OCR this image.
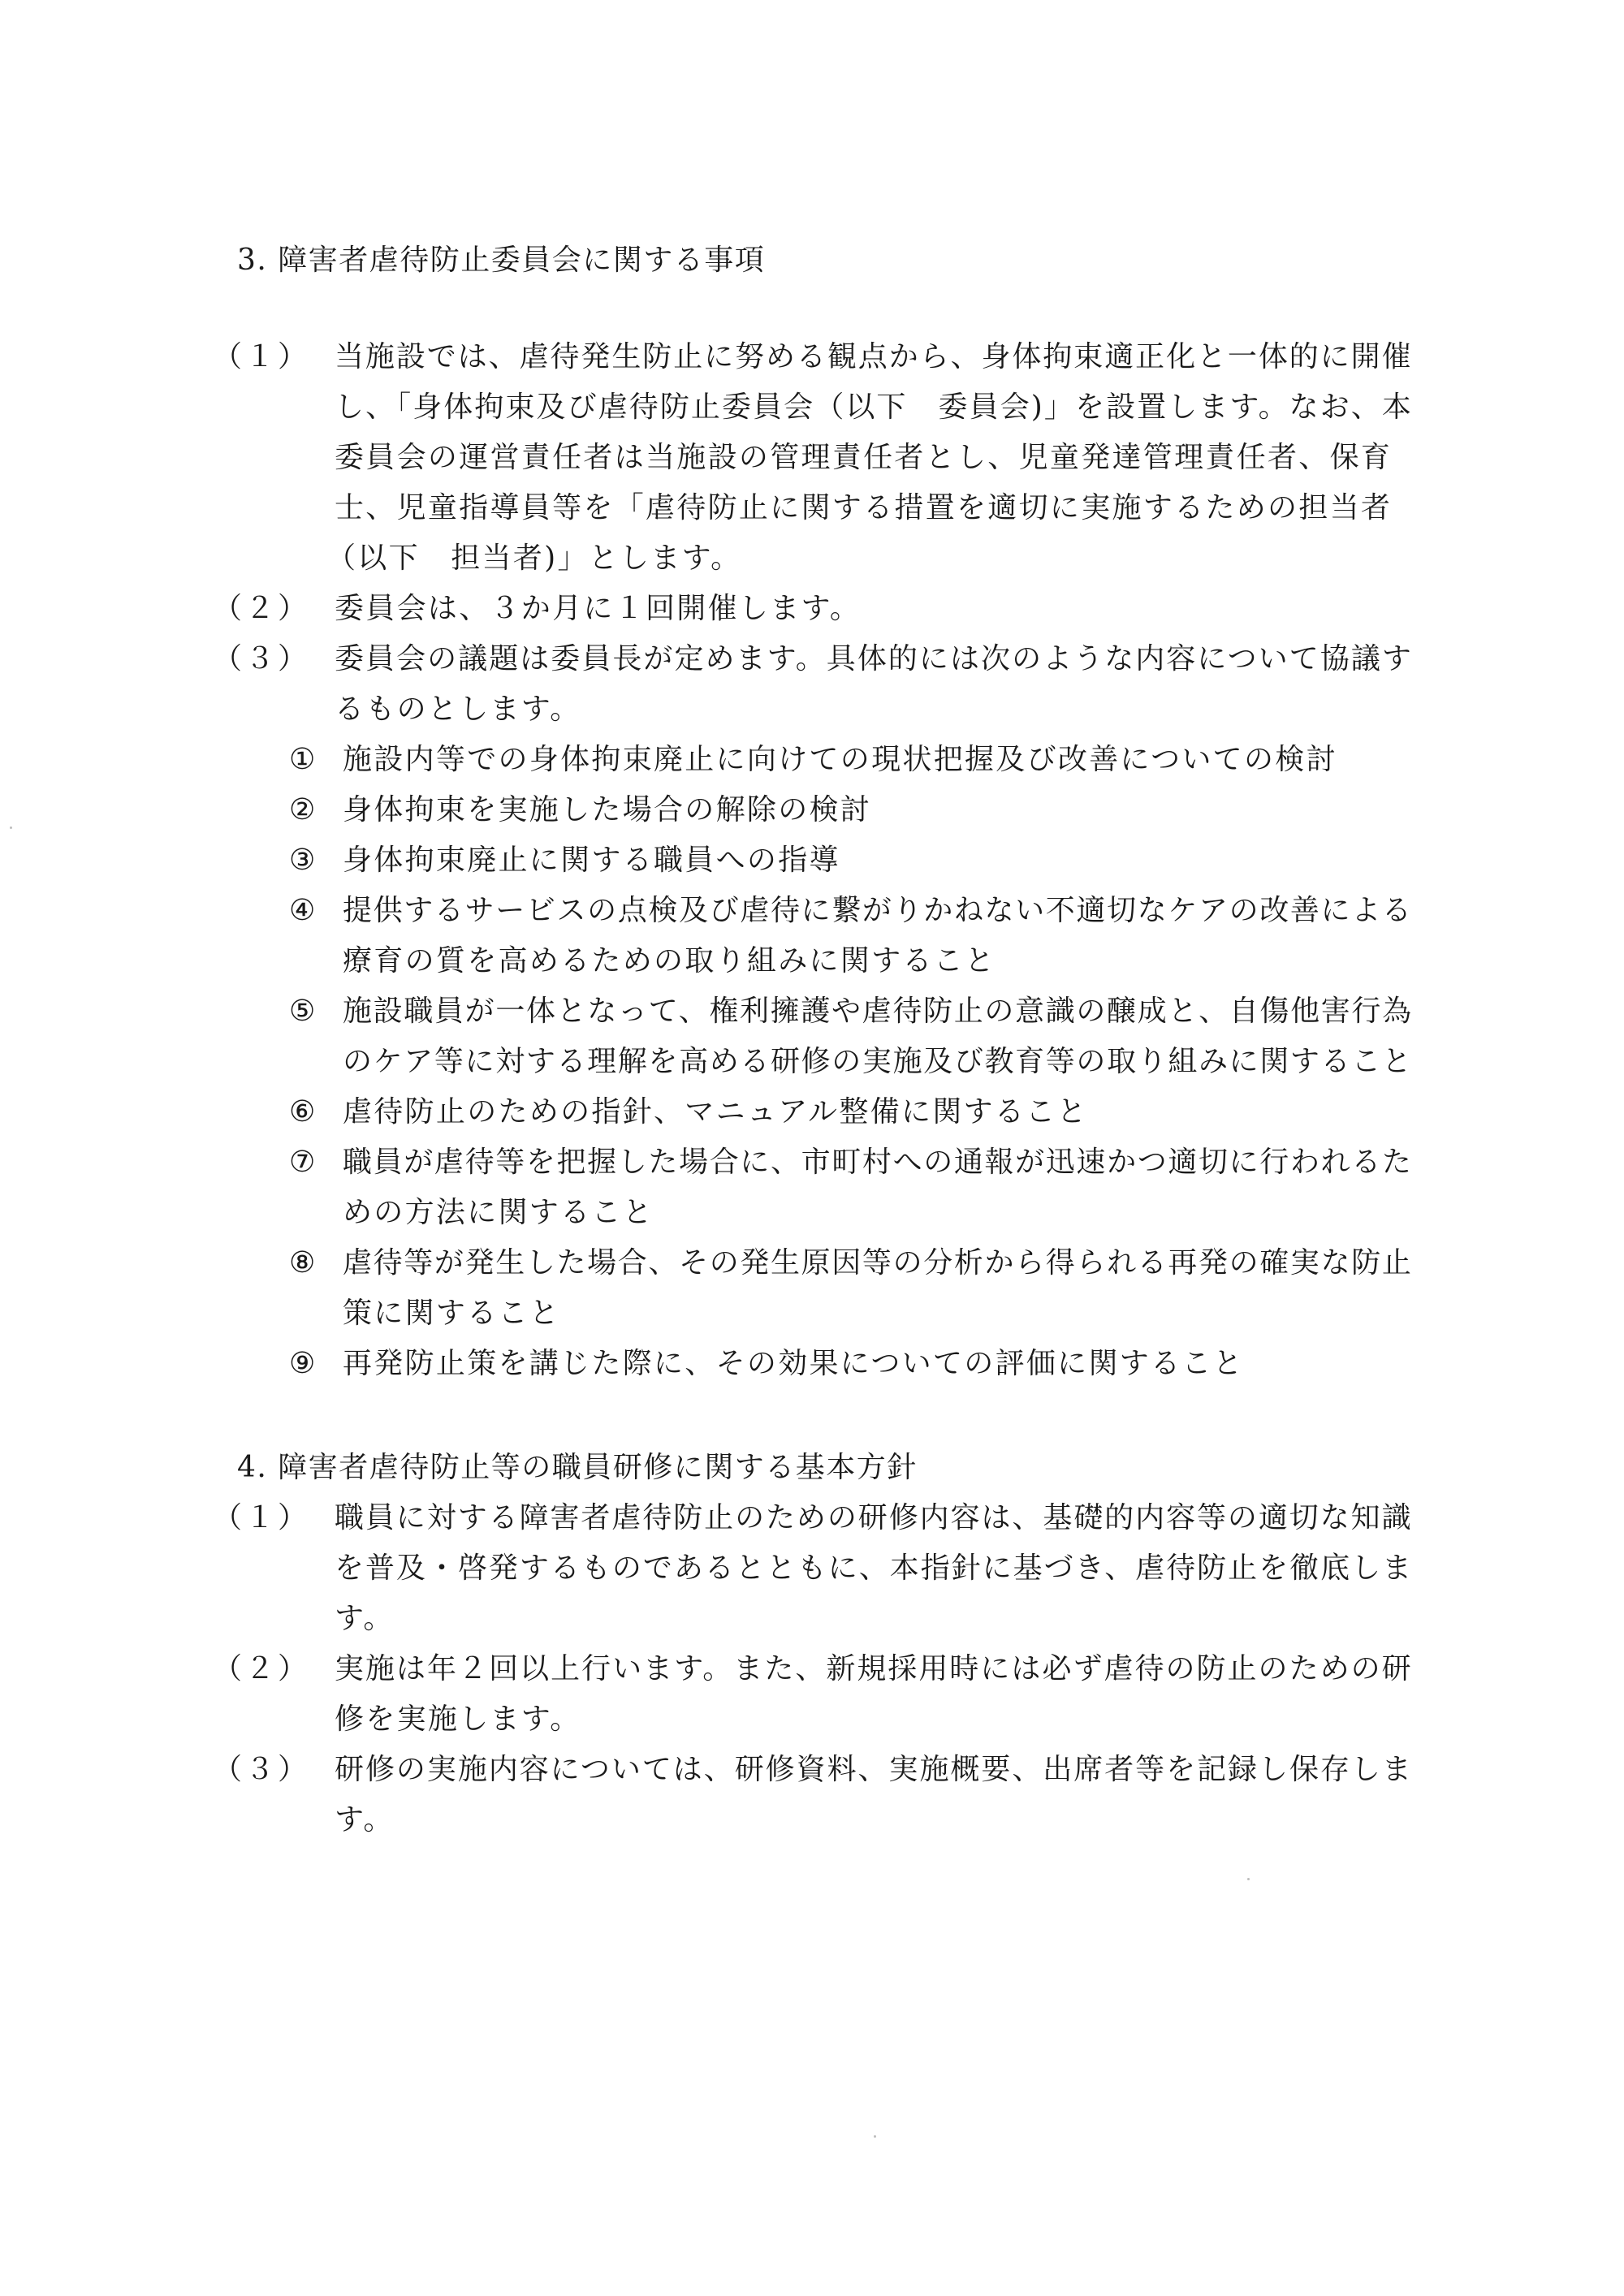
3. 障害者虐待防止委員会に関する事項
（１） 当施設では、虐待発生防止に努める観点から、身体拘束適正化と一体的に開催
し、「身体拘束及び虐待防止委員会（以下　委員会)」を設置します。なお、本
委員会の運営責任者は当施設の管理責任者とし、児童発達管理責任者、保育
士、児童指導員等を「虐待防止に関する措置を適切に実施するための担当者
（以下　担当者)」とします。
（２） 委員会は、３か月に１回開催します。
（３） 委員会の議題は委員長が定めます。具体的には次のような内容について協議す
るものとします。
① 施設内等での身体拘束廃止に向けての現状把握及び改善についての検討
② 身体拘束を実施した場合の解除の検討
③ 身体拘束廃止に関する職員への指導
④ 提供するサービスの点検及び虐待に繋がりかねない不適切なケアの改善による
療育の質を高めるための取り組みに関すること
⑤ 施設職員が一体となって、権利擁護や虐待防止の意識の醸成と、自傷他害行為
のケア等に対する理解を高める研修の実施及び教育等の取り組みに関すること
⑥ 虐待防止のための指針、マニュアル整備に関すること
⑦ 職員が虐待等を把握した場合に、市町村への通報が迅速かつ適切に行われるた
めの方法に関すること
⑧ 虐待等が発生した場合、その発生原因等の分析から得られる再発の確実な防止
策に関すること
⑨ 再発防止策を講じた際に、その効果についての評価に関すること
4. 障害者虐待防止等の職員研修に関する基本方針
（１） 職員に対する障害者虐待防止のための研修内容は、基礎的内容等の適切な知識
を普及・啓発するものであるとともに、本指針に基づき、虐待防止を徹底しま
す。
（２） 実施は年２回以上行います。また、新規採用時には必ず虐待の防止のための研
修を実施します。
（３） 研修の実施内容については、研修資料、実施概要、出席者等を記録し保存しま
す。
